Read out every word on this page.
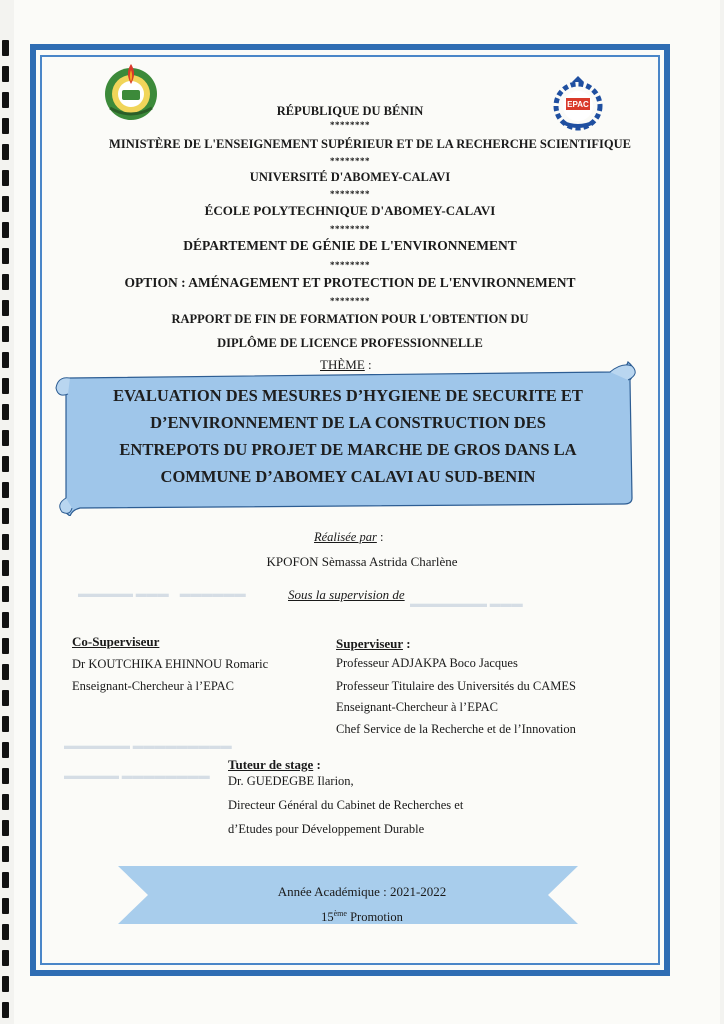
▬▬▬▬▬ ▬▬▬    ▬▬▬▬▬▬
▬▬▬▬▬▬▬ ▬▬▬
▬▬▬▬▬▬ ▬▬▬▬▬▬▬▬▬
▬▬▬▬▬ ▬▬▬▬▬▬▬▬
EPAC
RÉPUBLIQUE DU BÉNIN
********
MINISTÈRE DE L'ENSEIGNEMENT SUPÉRIEUR ET DE LA RECHERCHE SCIENTIFIQUE
********
UNIVERSITÉ D'ABOMEY-CALAVI
********
ÉCOLE POLYTECHNIQUE D'ABOMEY-CALAVI
********
DÉPARTEMENT DE GÉNIE DE L'ENVIRONNEMENT
********
OPTION : AMÉNAGEMENT ET PROTECTION DE L'ENVIRONNEMENT
********
RAPPORT DE FIN DE FORMATION POUR L'OBTENTION DU
DIPLÔME DE LICENCE PROFESSIONNELLE
THÈME :
EVALUATION DES MESURES D’HYGIENE DE SECURITE ET
D’ENVIRONNEMENT DE LA CONSTRUCTION DES
ENTREPOTS DU PROJET DE MARCHE DE GROS DANS LA
COMMUNE D’ABOMEY CALAVI AU SUD-BENIN
Réalisée par :
KPOFON Sèmassa Astrida Charlène
Sous la supervision de
Co-Superviseur
Dr KOUTCHIKA EHINNOU Romaric
Enseignant-Chercheur à l’EPAC
Superviseur :
Professeur ADJAKPA Boco Jacques
Professeur Titulaire des Universités du CAMES
Enseignant-Chercheur à l’EPAC
Chef Service de la Recherche et de l’Innovation
Tuteur de stage :
Dr. GUEDEGBE Ilarion,
Directeur Général du Cabinet de Recherches et
d’Etudes pour Développement Durable
Année Académique : 2021-2022
15ème Promotion
